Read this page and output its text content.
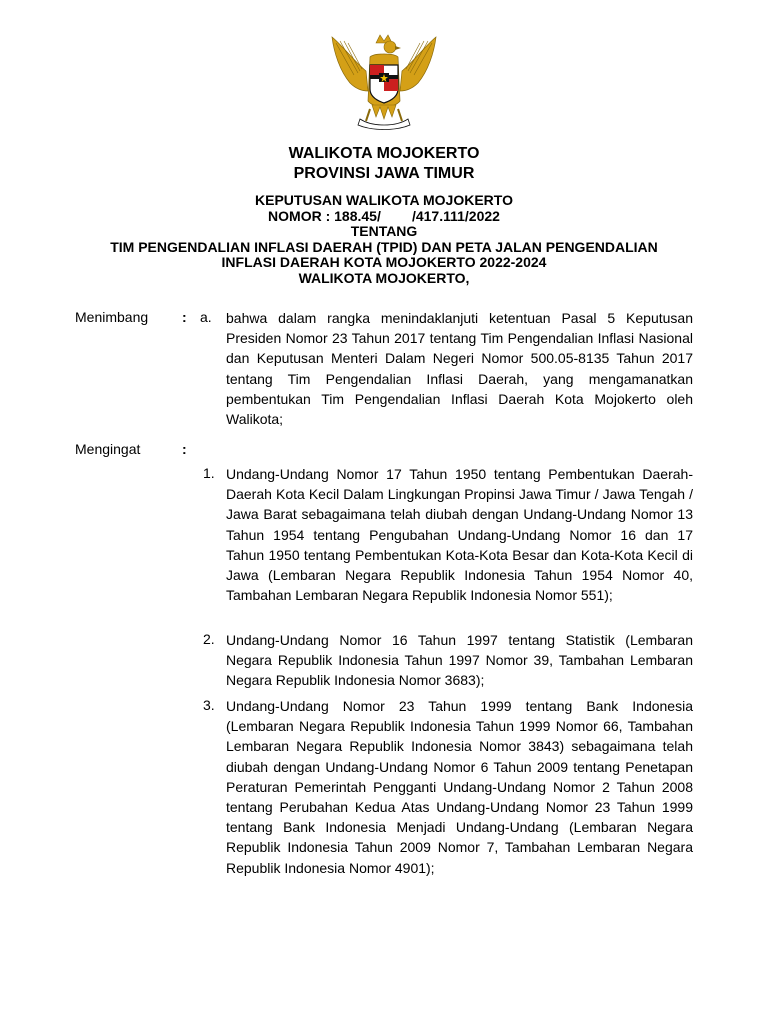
WALIKOTA MOJOKERTO
PROVINSI JAWA TIMUR
KEPUTUSAN WALIKOTA MOJOKERTO
NOMOR : 188.45/        /417.111/2022
TENTANG
TIM PENGENDALIAN INFLASI DAERAH (TPID) DAN PETA JALAN PENGENDALIAN
INFLASI DAERAH KOTA MOJOKERTO 2022-2024
WALIKOTA MOJOKERTO,
Menimbang : a. bahwa dalam rangka menindaklanjuti ketentuan Pasal 5 Keputusan Presiden Nomor 23 Tahun 2017 tentang Tim Pengendalian Inflasi Nasional dan Keputusan Menteri Dalam Negeri Nomor 500.05-8135 Tahun 2017 tentang Tim Pengendalian Inflasi Daerah, yang mengamanatkan pembentukan Tim Pengendalian Inflasi Daerah Kota Mojokerto oleh Walikota;
Mengingat	:
1. Undang-Undang Nomor 17 Tahun 1950 tentang Pembentukan Daerah-Daerah Kota Kecil Dalam Lingkungan Propinsi Jawa Timur / Jawa Tengah / Jawa Barat sebagaimana telah diubah dengan Undang-Undang Nomor 13 Tahun 1954 tentang Pengubahan Undang-Undang Nomor 16 dan 17 Tahun 1950 tentang Pembentukan Kota-Kota Besar dan Kota-Kota Kecil di Jawa (Lembaran Negara Republik Indonesia Tahun 1954 Nomor 40, Tambahan Lembaran Negara Republik Indonesia Nomor 551);
2. Undang-Undang Nomor 16 Tahun 1997 tentang Statistik (Lembaran Negara Republik Indonesia Tahun 1997 Nomor 39, Tambahan Lembaran Negara Republik Indonesia Nomor 3683);
3. Undang-Undang Nomor 23 Tahun 1999 tentang Bank Indonesia (Lembaran Negara Republik Indonesia Tahun 1999 Nomor 66, Tambahan Lembaran Negara Republik Indonesia Nomor 3843) sebagaimana telah diubah dengan Undang-Undang Nomor 6 Tahun 2009 tentang Penetapan Peraturan Pemerintah Pengganti Undang-Undang Nomor 2 Tahun 2008 tentang Perubahan Kedua Atas Undang-Undang Nomor 23 Tahun 1999 tentang Bank Indonesia Menjadi Undang-Undang (Lembaran Negara Republik Indonesia Tahun 2009 Nomor 7, Tambahan Lembaran Negara Republik Indonesia Nomor 4901);
